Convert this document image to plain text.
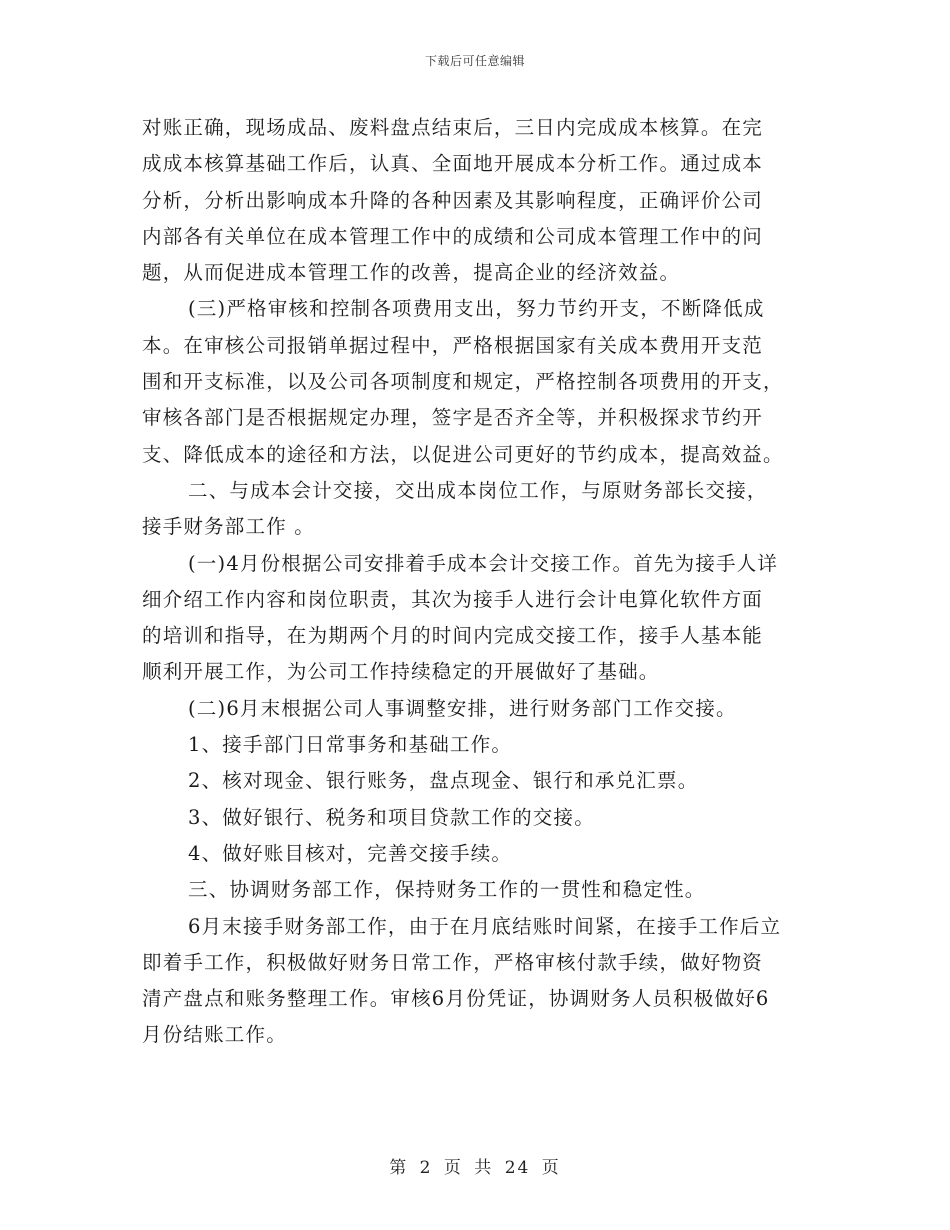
下载后可任意编辑
对账正确，现场成品、废料盘点结束后，三日内完成成本核算。在完
成成本核算基础工作后，认真、全面地开展成本分析工作。通过成本
分析，分析出影响成本升降的各种因素及其影响程度，正确评价公司
内部各有关单位在成本管理工作中的成绩和公司成本管理工作中的问
题，从而促进成本管理工作的改善，提高企业的经济效益。
(三)严格审核和控制各项费用支出，努力节约开支，不断降低成
本。在审核公司报销单据过程中，严格根据国家有关成本费用开支范
围和开支标准，以及公司各项制度和规定，严格控制各项费用的开支，
审核各部门是否根据规定办理，签字是否齐全等，并积极探求节约开
支、降低成本的途径和方法，以促进公司更好的节约成本，提高效益。
二、与成本会计交接，交出成本岗位工作，与原财务部长交接，
接手财务部工作 。
(一)4月份根据公司安排着手成本会计交接工作。首先为接手人详
细介绍工作内容和岗位职责，其次为接手人进行会计电算化软件方面
的培训和指导，在为期两个月的时间内完成交接工作，接手人基本能
顺利开展工作，为公司工作持续稳定的开展做好了基础。
(二)6月末根据公司人事调整安排，进行财务部门工作交接。
1、接手部门日常事务和基础工作。
2、核对现金、银行账务，盘点现金、银行和承兑汇票。
3、做好银行、税务和项目贷款工作的交接。
4、做好账目核对，完善交接手续。
三、协调财务部工作，保持财务工作的一贯性和稳定性。
6月末接手财务部工作，由于在月底结账时间紧，在接手工作后立
即着手工作，积极做好财务日常工作，严格审核付款手续，做好物资
清产盘点和账务整理工作。审核6月份凭证，协调财务人员积极做好6
月份结账工作。
第 2 页 共 24 页
